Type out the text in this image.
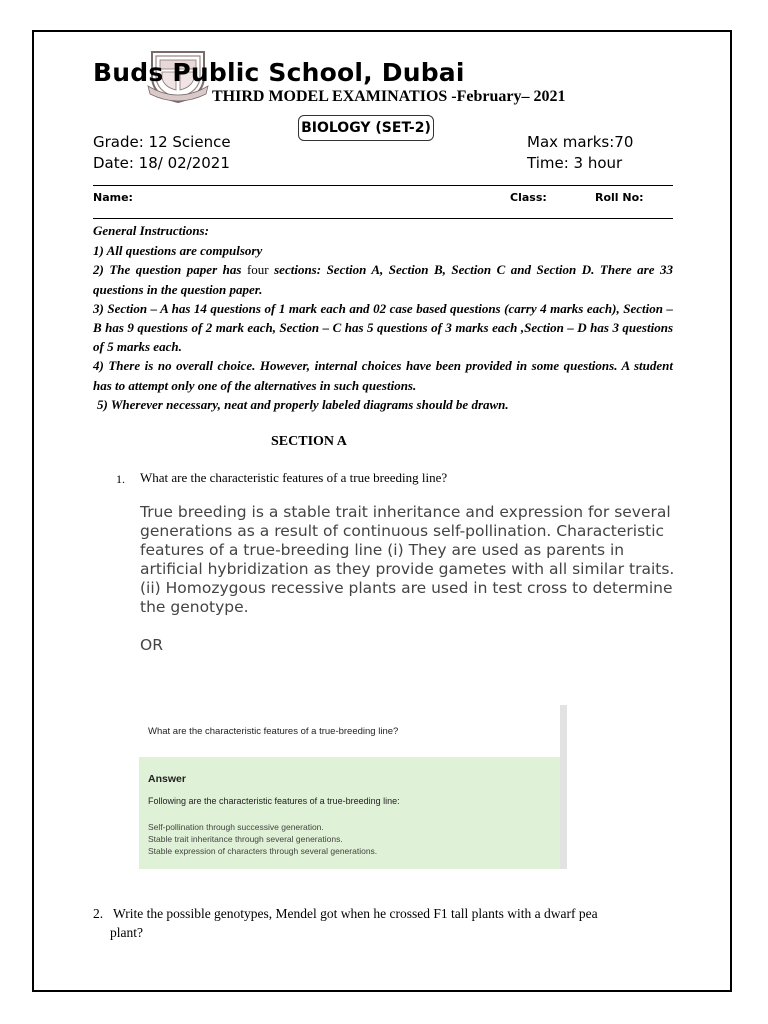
Buds Public School, Dubai
THIRD MODEL EXAMINATIOS -February– 2021
BIOLOGY (SET-2)
Grade: 12 Science
Date: 18/ 02/2021
Max marks:70
Time: 3 hour
Name:	Class:	Roll No:

General Instructions:

1) All questions are compulsory

2) The question paper has four sections: Section A, Section B, Section C and Section D. There are 33 questions in the question paper.

3) Section – A has 14 questions of 1 mark each and 02 case based questions (carry 4 marks each), Section – B has 9 questions of 2 mark each, Section – C has 5 questions of 3 marks each ,Section – D has 3 questions of 5 marks each.

4) There is no overall choice. However, internal choices have been provided in some questions. A student has to attempt only one of the alternatives in such questions.

5) Wherever necessary, neat and properly labeled diagrams should be drawn.

SECTION A
1. What are the characteristic features of a true breeding line?

True breeding is a stable trait inheritance and expression for several generations as a result of continuous self-pollination. Characteristic features of a true-breeding line (i) They are used as parents in artificial hybridization as they provide gametes with all similar traits. (ii) Homozygous recessive plants are used in test cross to determine the genotype.

OR
What are the characteristic features of a true-breeding line?
Answer
Following are the characteristic features of a true-breeding line:
Self-pollination through successive generation.
Stable trait inheritance through several generations.
Stable expression of characters through several generations.
2. Write the possible genotypes, Mendel got when he crossed F1 tall plants with a dwarf pea
plant?
